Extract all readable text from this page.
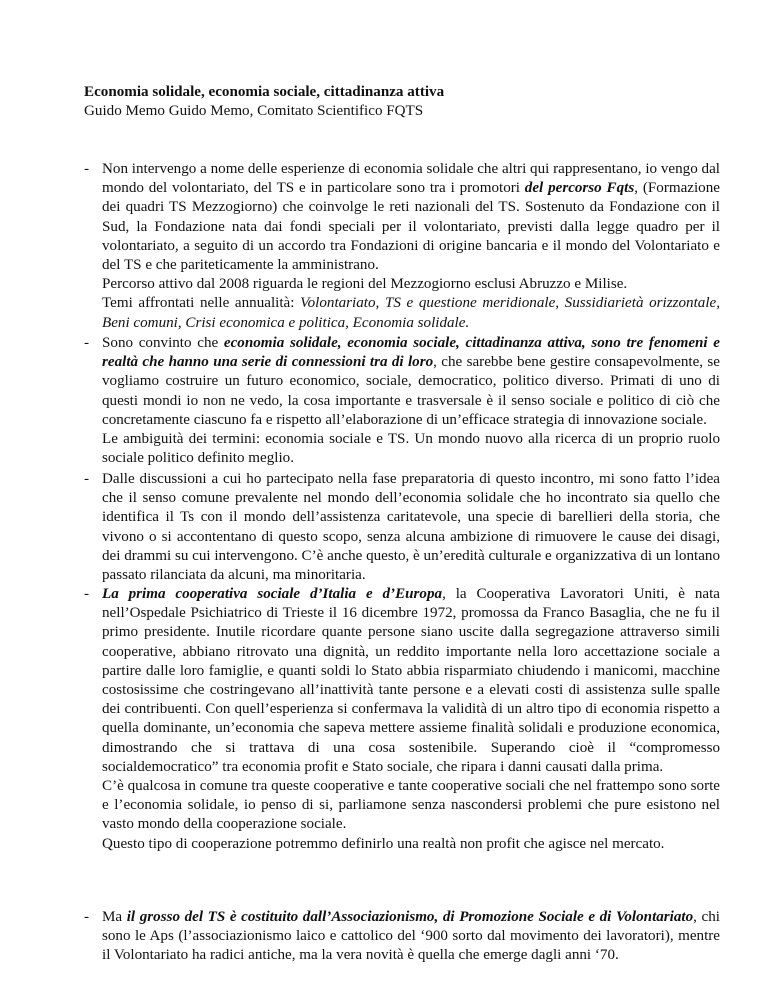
Economia solidale, economia sociale, cittadinanza attiva
Guido Memo Guido Memo, Comitato Scientifico FQTS
- Non intervengo a nome delle esperienze di economia solidale che altri qui rappresentano, io vengo dal mondo del volontariato, del TS e in particolare sono tra i promotori del percorso Fqts, (Formazione dei quadri TS Mezzogiorno) che coinvolge le reti nazionali del TS. Sostenuto da Fondazione con il Sud, la Fondazione nata dai fondi speciali per il volontariato, previsti dalla legge quadro per il volontariato, a seguito di un accordo tra Fondazioni di origine bancaria e il mondo del Volontariato e del TS e che pariteticamente la amministrano.

Percorso attivo dal 2008 riguarda le regioni del Mezzogiorno esclusi Abruzzo e Milise.

Temi affrontati nelle annualità: Volontariato, TS e questione meridionale, Sussidiarietà orizzontale, Beni comuni, Crisi economica e politica, Economia solidale.

- Sono convinto che economia solidale, economia sociale, cittadinanza attiva, sono tre fenomeni e realtà che hanno una serie di connessioni tra di loro, che sarebbe bene gestire consapevolmente, se vogliamo costruire un futuro economico, sociale, democratico, politico diverso. Primati di uno di questi mondi io non ne vedo, la cosa importante e trasversale è il senso sociale e politico di ciò che concretamente ciascuno fa e rispetto all’elaborazione di un’efficace strategia di innovazione sociale.

Le ambiguità dei termini: economia sociale e TS. Un mondo nuovo alla ricerca di un proprio ruolo sociale politico definito meglio.

- Dalle discussioni a cui ho partecipato nella fase preparatoria di questo incontro, mi sono fatto l’idea che il senso comune prevalente nel mondo dell’economia solidale che ho incontrato sia quello che identifica il Ts con il mondo dell’assistenza caritatevole, una specie di barellieri della storia, che vivono o si accontentano di questo scopo, senza alcuna ambizione di rimuovere le cause dei disagi, dei drammi su cui intervengono. C’è anche questo, è un’eredità culturale e organizzativa di un lontano passato rilanciata da alcuni, ma minoritaria.

- La prima cooperativa sociale d’Italia e d’Europa, la Cooperativa Lavoratori Uniti, è nata nell’Ospedale Psichiatrico di Trieste il 16 dicembre 1972, promossa da Franco Basaglia, che ne fu il primo presidente. Inutile ricordare quante persone siano uscite dalla segregazione attraverso simili cooperative, abbiano ritrovato una dignità, un reddito importante nella loro accettazione sociale a partire dalle loro famiglie, e quanti soldi lo Stato abbia risparmiato chiudendo i manicomi, macchine costosissime che costringevano all’inattività tante persone e a elevati costi di assistenza sulle spalle dei contribuenti. Con quell’esperienza si confermava la validità di un altro tipo di economia rispetto a quella dominante, un’economia che sapeva mettere assieme finalità solidali e produzione economica, dimostrando che si trattava di una cosa sostenibile. Superando cioè il “compromesso socialdemocratico” tra economia profit e Stato sociale, che ripara i danni causati dalla prima.

C’è qualcosa in comune tra queste cooperative e tante cooperative sociali che nel frattempo sono sorte e l’economia solidale, io penso di si, parliamone senza nascondersi problemi che pure esistono nel vasto mondo della cooperazione sociale.

Questo tipo di cooperazione potremmo definirlo una realtà non profit che agisce nel mercato.

- Ma il grosso del TS è costituito dall’Associazionismo, di Promozione Sociale e di Volontariato, chi sono le Aps (l’associazionismo laico e cattolico del ‘900 sorto dal movimento dei lavoratori), mentre il Volontariato ha radici antiche, ma la vera novità è quella che emerge dagli anni ‘70.
